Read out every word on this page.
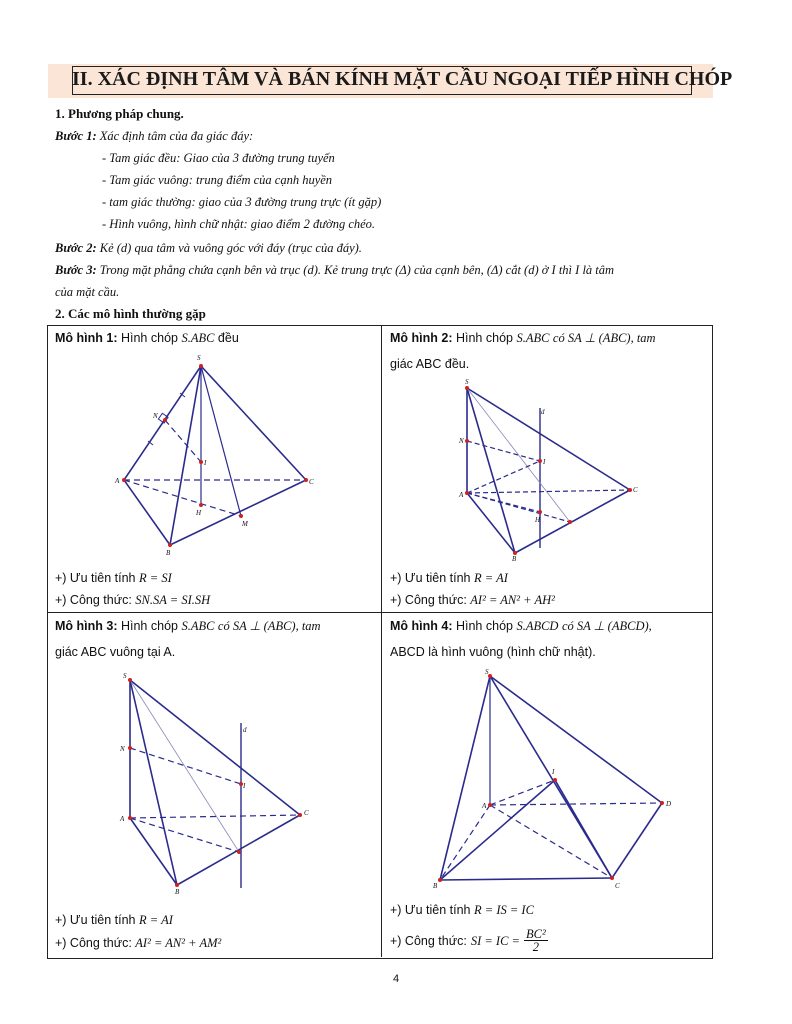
II. XÁC ĐỊNH TÂM VÀ BÁN KÍNH MẶT CẦU NGOẠI TIẾP HÌNH CHÓP
1. Phương pháp chung.
Bước 1: Xác định tâm của đa giác đáy:
- Tam giác đều: Giao của 3 đường trung tuyến
- Tam giác vuông: trung điểm của cạnh huyền
- tam giác thường: giao của 3 đường trung trực (ít gặp)
- Hình vuông, hình chữ nhật: giao điểm 2 đường chéo.
Bước 2: Kẻ (d) qua tâm và vuông góc với đáy (trục của đáy).
Bước 3: Trong mặt phẳng chứa cạnh bên và trục (d). Kẻ trung trực (Δ) của cạnh bên, (Δ) cắt (d) ở I thì I là tâm
của mặt cầu.
2. Các mô hình thường gặp
Mô hình 1: Hình chóp S.ABC đều
+) Ưu tiên tính R = SI
+) Công thức: SN.SA = SI.SH
Mô hình 2: Hình chóp S.ABC có SA ⊥ (ABC), tam
giác ABC đều.
+) Ưu tiên tính R = AI
+) Công thức: AI² = AN² + AH²
Mô hình 3: Hình chóp S.ABC có SA ⊥ (ABC), tam
giác ABC vuông tại A.
+) Ưu tiên tính R = AI
+) Công thức: AI² = AN² + AM²
Mô hình 4: Hình chóp S.ABCD có SA ⊥ (ABCD),
ABCD là hình vuông (hình chữ nhật).
+) Ưu tiên tính R = IS = IC
+) Công thức: SI = IC = $\frac{\text{BC²}}{2}$
S
N
I
A	C
H
M
B
S
d
N
I
A
C
H
B
S
d
N
I
A
C
B
S
I
A	D
B	C
4
